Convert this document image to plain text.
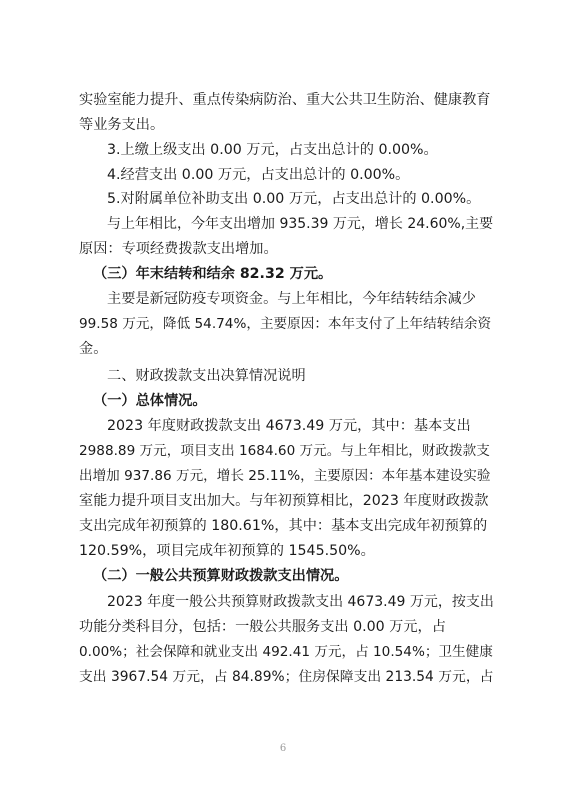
实验室能力提升、重点传染病防治、重大公共卫生防治、健康教育
等业务支出。
3.上缴上级支出 0.00 万元，占支出总计的 0.00%。
4.经营支出 0.00 万元，占支出总计的 0.00%。
5.对附属单位补助支出 0.00 万元，占支出总计的 0.00%。
与上年相比，今年支出增加 935.39 万元，增长 24.60%,主要
原因：专项经费拨款支出增加。
（三）年末结转和结余 82.32 万元。
主要是新冠防疫专项资金。与上年相比，今年结转结余减少
99.58 万元，降低 54.74%，主要原因：本年支付了上年结转结余资
金。
二、财政拨款支出决算情况说明
（一）总体情况。
2023 年度财政拨款支出 4673.49 万元，其中：基本支出
2988.89 万元，项目支出 1684.60 万元。与上年相比，财政拨款支
出增加 937.86 万元，增长 25.11%，主要原因：本年基本建设实验
室能力提升项目支出加大。与年初预算相比，2023 年度财政拨款
支出完成年初预算的 180.61%，其中：基本支出完成年初预算的
120.59%，项目完成年初预算的 1545.50%。
（二）一般公共预算财政拨款支出情况。
2023 年度一般公共预算财政拨款支出 4673.49 万元，按支出
功能分类科目分，包括：一般公共服务支出 0.00 万元，占
0.00%；社会保障和就业支出 492.41 万元，占 10.54%；卫生健康
支出 3967.54 万元，占 84.89%；住房保障支出 213.54 万元，占
6
